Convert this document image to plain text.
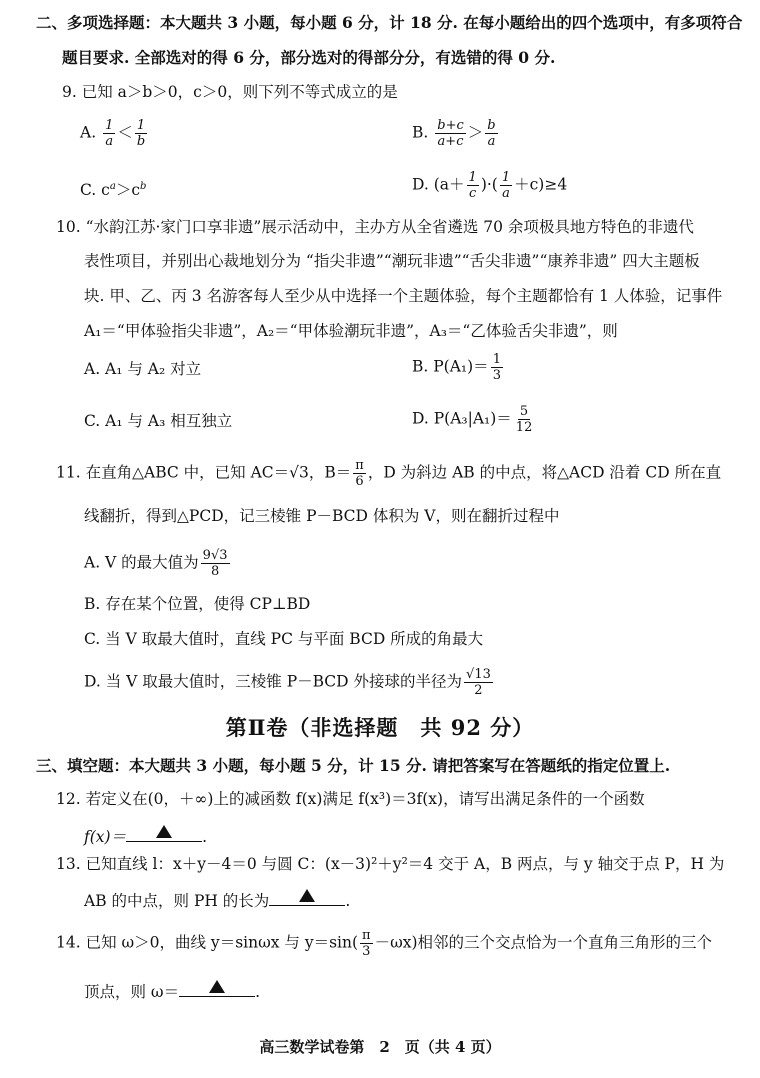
二、多项选择题：本大题共 3 小题，每小题 6 分，计 18 分. 在每小题给出的四个选项中，有多项符合
题目要求. 全部选对的得 6 分，部分选对的得部分分，有选错的得 0 分.
9. 已知 a＞b＞0，c＞0，则下列不等式成立的是
A. $\frac{1}{a} < \frac{1}{b}$	B. $\frac{b+c}{a+c} > \frac{b}{a}$
C. $c^a>c^b$	D. ($a+ \frac{1}{c}$ )·( $\frac{1}{a} +c)\ge 4$
10. “水韵江苏·家门口享非遗”展示活动中，主办方从全省遴选 70 余项极具地方特色的非遗代
表性项目，并别出心裁地划分为 “指尖非遗”“潮玩非遗”“舌尖非遗”“康养非遗” 四大主题板
块. 甲、乙、丙 3 名游客每人至少从中选择一个主题体验，每个主题都恰有 1 人体验，记事件
A₁＝“甲体验指尖非遗”，A₂＝“甲体验潮玩非遗”，A₃＝“乙体验舌尖非遗”，则
A. A₁ 与 A₂ 对立	B. $P(A_1)= \frac{1}{3}$
C. A₁ 与 A₃ 相互独立	D. $P(A_3|A_1)= \frac{5}{12}$
11. 在直角△ABC 中，已知 AC＝√3，$B= \frac{\pi}{6}$ ，D 为斜边 AB 的中点，将△ACD 沿着 CD 所在直
线翻折，得到△PCD，记三棱锥 P－BCD 体积为 V，则在翻折过程中
A. V 的最大值为 $\frac{9√3}{8}$
B. 存在某个位置，使得 CP⊥BD
C. 当 V 取最大值时，直线 PC 与平面 BCD 所成的角最大
D. 当 V 取最大值时，三棱锥 P－BCD 外接球的半径为 $\frac{√13}{2}$
第Ⅱ卷（非选择题　共 92 分）
三、填空题：本大题共 3 小题，每小题 5 分，计 15 分. 请把答案写在答题纸的指定位置上.
12. 若定义在(0，＋∞)上的减函数 f(x)满足 f(x³)＝3f(x)，请写出满足条件的一个函数
f(x)＝	.
13. 已知直线 l：x＋y－4＝0 与圆 C：(x－3)²＋y²＝4 交于 A，B 两点，与 y 轴交于点 P，H 为
AB 的中点，则 PH 的长为	.
14. 已知 ω＞0，曲线 y＝sinωx 与 $y=\sin( \frac{\pi}{3} -\omega x)$相邻的三个交点恰为一个直角三角形的三个
顶点，则 ω＝	.
高三数学试卷第　2　页（共 4 页）
